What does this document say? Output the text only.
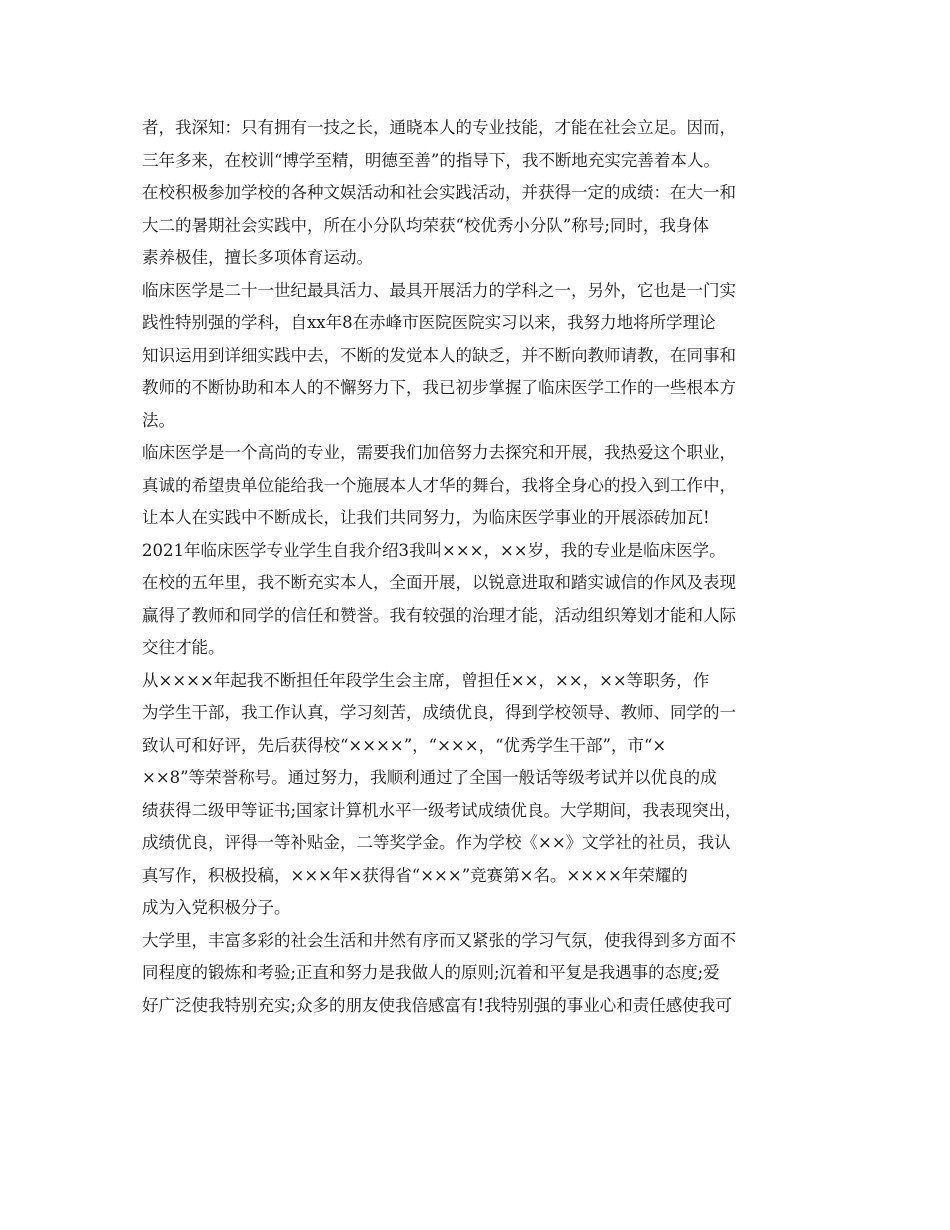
者，我深知：只有拥有一技之长，通晓本人的专业技能，才能在社会立足。因而，
三年多来，在校训“博学至精，明德至善”的指导下，我不断地充实完善着本人。
在校积极参加学校的各种文娱活动和社会实践活动，并获得一定的成绩：在大一和
大二的暑期社会实践中，所在小分队均荣获“校优秀小分队”称号;同时，我身体
素养极佳，擅长多项体育运动。
临床医学是二十一世纪最具活力、最具开展活力的学科之一，另外，它也是一门实
践性特别强的学科，自xx年8在赤峰市医院医院实习以来，我努力地将所学理论
知识运用到详细实践中去，不断的发觉本人的缺乏，并不断向教师请教，在同事和
教师的不断协助和本人的不懈努力下，我已初步掌握了临床医学工作的一些根本方
法。
临床医学是一个高尚的专业，需要我们加倍努力去探究和开展，我热爱这个职业，
真诚的希望贵单位能给我一个施展本人才华的舞台，我将全身心的投入到工作中，
让本人在实践中不断成长，让我们共同努力，为临床医学事业的开展添砖加瓦!
2021年临床医学专业学生自我介绍3我叫×××，××岁，我的专业是临床医学。
在校的五年里，我不断充实本人，全面开展，以锐意进取和踏实诚信的作风及表现
赢得了教师和同学的信任和赞誉。我有较强的治理才能，活动组织筹划才能和人际
交往才能。
从××××年起我不断担任年段学生会主席，曾担任××，××，××等职务，作
为学生干部，我工作认真，学习刻苦，成绩优良，得到学校领导、教师、同学的一
致认可和好评，先后获得校“××××”，“×××，“优秀学生干部”，市“×
××8”等荣誉称号。通过努力，我顺利通过了全国一般话等级考试并以优良的成
绩获得二级甲等证书;国家计算机水平一级考试成绩优良。大学期间，我表现突出，
成绩优良，评得一等补贴金，二等奖学金。作为学校《××》文学社的社员，我认
真写作，积极投稿，×××年×获得省“×××”竞赛第×名。××××年荣耀的
成为入党积极分子。
大学里，丰富多彩的社会生活和井然有序而又紧张的学习气氛，使我得到多方面不
同程度的锻炼和考验;正直和努力是我做人的原则;沉着和平复是我遇事的态度;爱
好广泛使我特别充实;众多的朋友使我倍感富有!我特别强的事业心和责任感使我可
